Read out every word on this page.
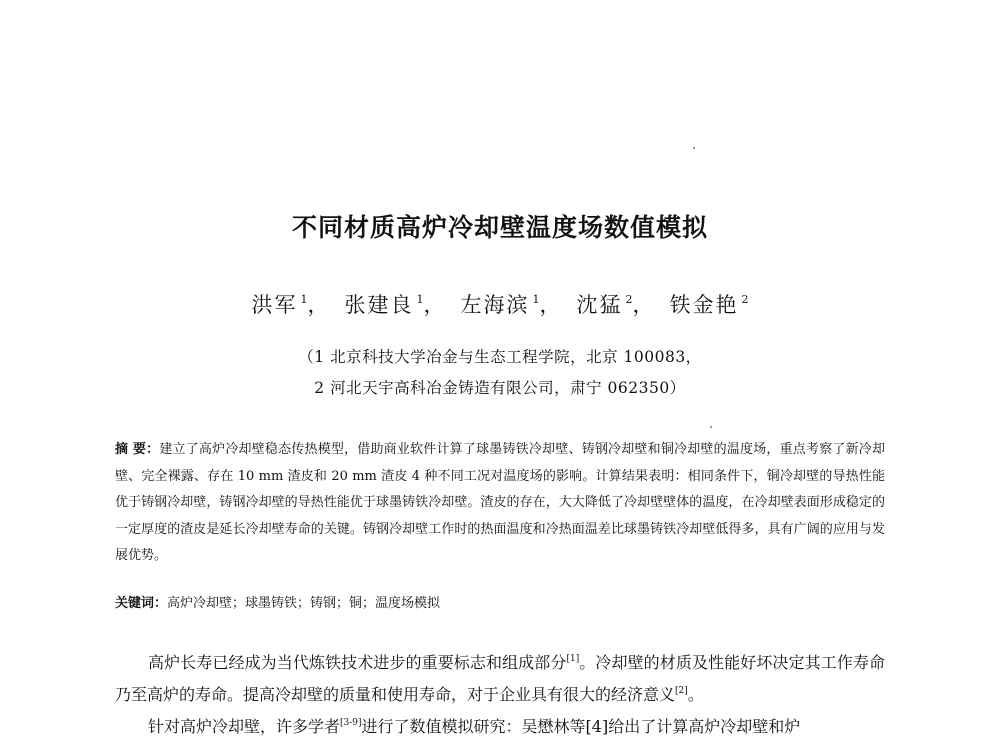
不同材质高炉冷却壁温度场数值模拟
洪军 $^1$， 张建良 $^1$， 左海滨 $^1$， 沈猛 $^2$， 铁金艳 $^2$
（1 北京科技大学冶金与生态工程学院，北京 100083，
2 河北天宇高科冶金铸造有限公司，肃宁 062350）
摘 要：建立了高炉冷却壁稳态传热模型，借助商业软件计算了球墨铸铁冷却壁、铸钢冷却壁和铜冷却壁的温度场，重点考察了新冷却壁、完全裸露、存在 10 mm 渣皮和 20 mm 渣皮 4 种不同工况对温度场的影响。计算结果表明：相同条件下，铜冷却壁的导热性能优于铸钢冷却壁，铸钢冷却壁的导热性能优于球墨铸铁冷却壁。渣皮的存在，大大降低了冷却壁壁体的温度，在冷却壁表面形成稳定的一定厚度的渣皮是延长冷却壁寿命的关键。铸钢冷却壁工作时的热面温度和冷热面温差比球墨铸铁冷却壁低得多，具有广阔的应用与发展优势。
关键词：高炉冷却壁；球墨铸铁；铸钢；铜；温度场模拟

高炉长寿已经成为当代炼铁技术进步的重要标志和组成部分[1]。冷却壁的材质及性能好坏决定其工作寿命乃至高炉的寿命。提高冷却壁的质量和使用寿命，对于企业具有很大的经济意义[2]。

针对高炉冷却壁，许多学者[3-9]进行了数值模拟研究：吴懋林等[4]给出了计算高炉冷却壁和炉
